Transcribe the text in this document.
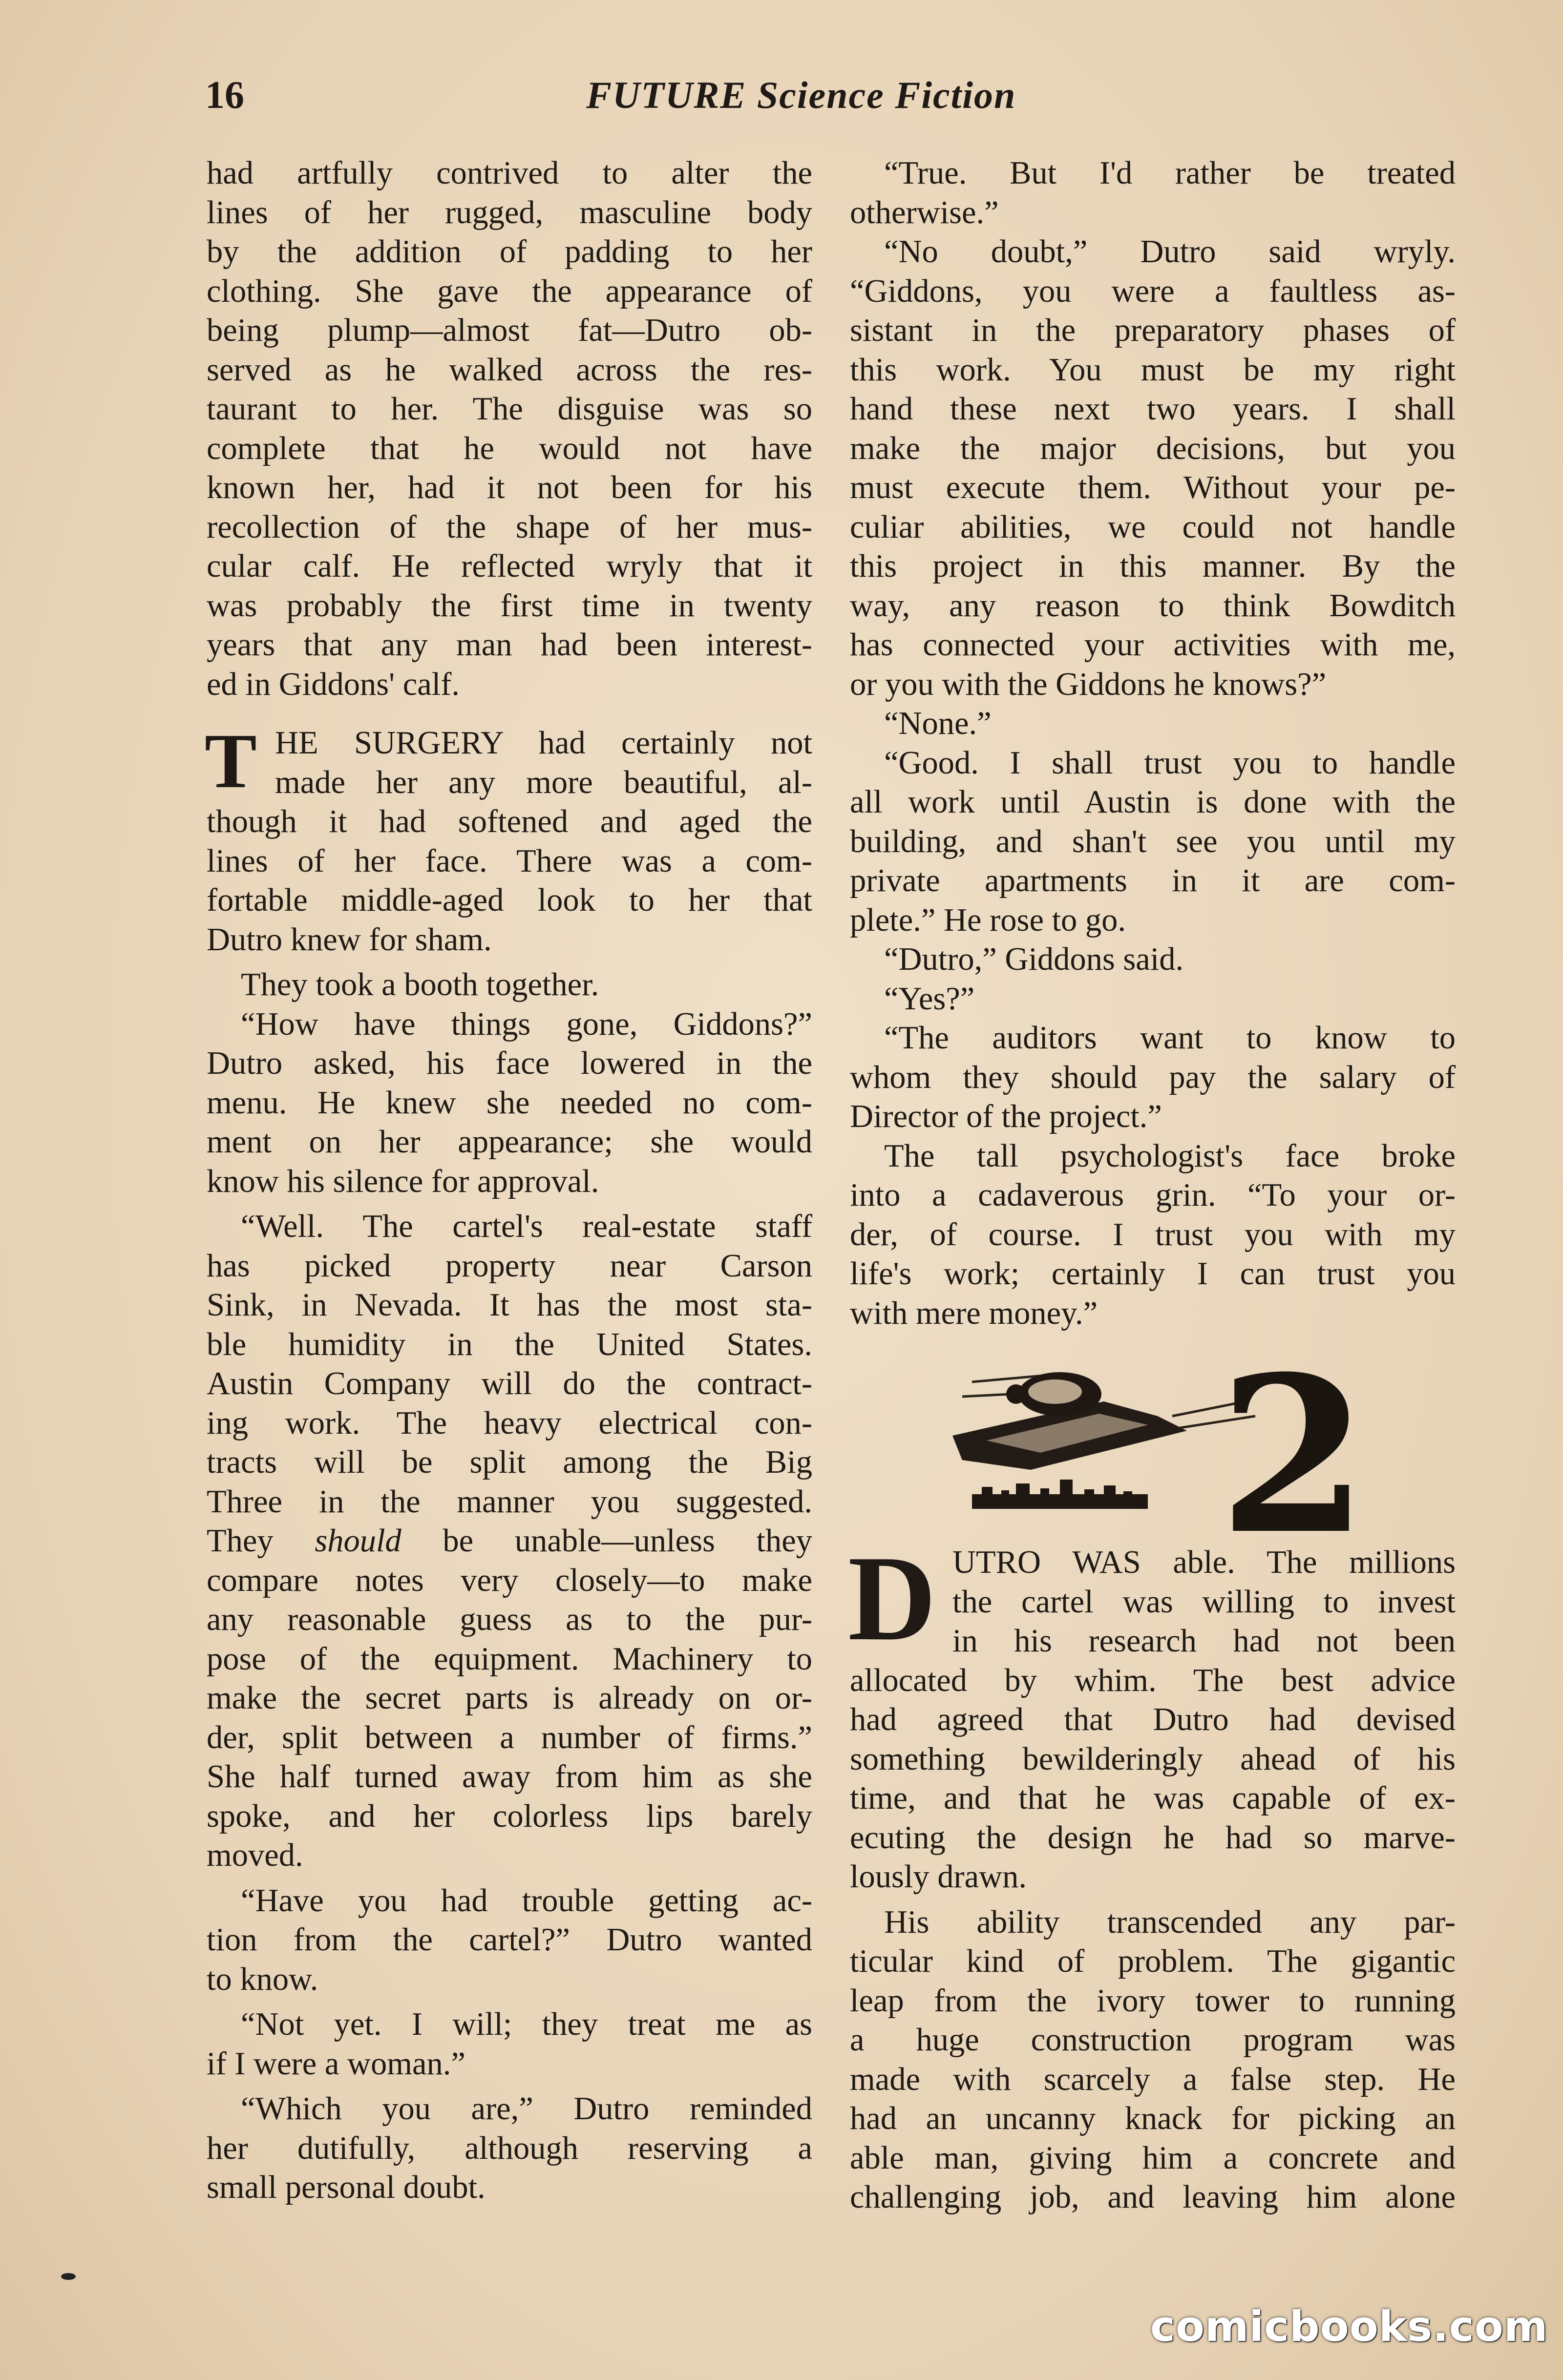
16	FUTURE Science Fiction
had artfully contrived to alter the
lines of her rugged, masculine body
by the addition of padding to her
clothing. She gave the appearance of
being plump—almost fat—Dutro ob-
served as he walked across the res-
taurant to her. The disguise was so
complete that he would not have
known her, had it not been for his
recollection of the shape of her mus-
cular calf. He reflected wryly that it
was probably the first time in twenty
years that any man had been interest-
ed in Giddons' calf.
T HE SURGERY had certainly not
made her any more beautiful, al-
though it had softened and aged the
lines of her face. There was a com-
fortable middle-aged look to her that
Dutro knew for sham.
They took a booth together.
“How have things gone, Giddons?”
Dutro asked, his face lowered in the
menu. He knew she needed no com-
ment on her appearance; she would
know his silence for approval.
“Well. The cartel's real-estate staff
has picked property near Carson
Sink, in Nevada. It has the most sta-
ble humidity in the United States.
Austin Company will do the contract-
ing work. The heavy electrical con-
tracts will be split among the Big
Three in the manner you suggested.
They should be unable—unless they
compare notes very closely—to make
any reasonable guess as to the pur-
pose of the equipment. Machinery to
make the secret parts is already on or-
der, split between a number of firms.”
She half turned away from him as she
spoke, and her colorless lips barely
moved.
“Have you had trouble getting ac-
tion from the cartel?” Dutro wanted
to know.
“Not yet. I will; they treat me as
if I were a woman.”
“Which you are,” Dutro reminded
her dutifully, although reserving a
small personal doubt.
“True. But I'd rather be treated
otherwise.”
“No doubt,” Dutro said wryly.
“Giddons, you were a faultless as-
sistant in the preparatory phases of
this work. You must be my right
hand these next two years. I shall
make the major decisions, but you
must execute them. Without your pe-
culiar abilities, we could not handle
this project in this manner. By the
way, any reason to think Bowditch
has connected your activities with me,
or you with the Giddons he knows?”
“None.”
“Good. I shall trust you to handle
all work until Austin is done with the
building, and shan't see you until my
private apartments in it are com-
plete.” He rose to go.
“Dutro,” Giddons said.
“Yes?”
“The auditors want to know to
whom they should pay the salary of
Director of the project.”
The tall psychologist's face broke
into a cadaverous grin. “To your or-
der, of course. I trust you with my
life's work; certainly I can trust you
with mere money.”
2
D UTRO WAS able. The millions
the cartel was willing to invest
in his research had not been
allocated by whim. The best advice
had agreed that Dutro had devised
something bewilderingly ahead of his
time, and that he was capable of ex-
ecuting the design he had so marve-
lously drawn.
His ability transcended any par-
ticular kind of problem. The gigantic
leap from the ivory tower to running
a huge construction program was
made with scarcely a false step. He
had an uncanny knack for picking an
able man, giving him a concrete and
challenging job, and leaving him alone
comicbooks.com
